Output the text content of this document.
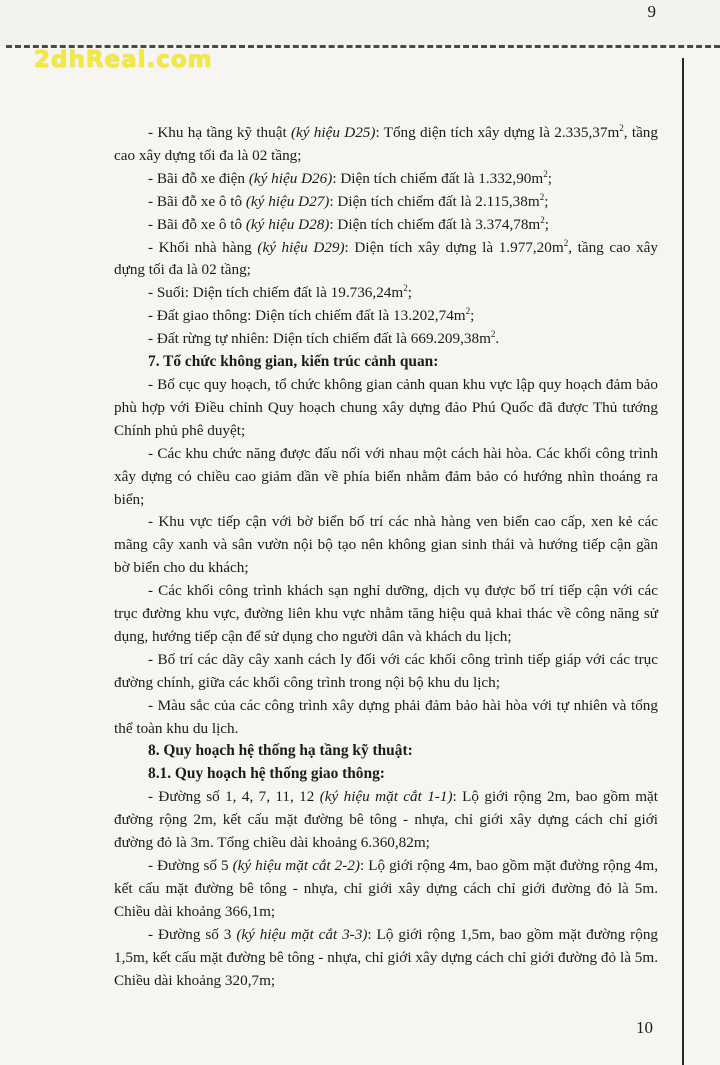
9
2dhReal.com

- Khu hạ tầng kỹ thuật (ký hiệu D25): Tổng diện tích xây dựng là $2.335,37m^2$, tầng cao xây dựng tối đa là 02 tầng;

- Bãi đỗ xe điện (ký hiệu D26): Diện tích chiếm đất là $1.332,90m^2$;

- Bãi đỗ xe ô tô (ký hiệu D27): Diện tích chiếm đất là $2.115,38m^2$;

- Bãi đỗ xe ô tô (ký hiệu D28): Diện tích chiếm đất là $3.374,78m^2$;

- Khối nhà hàng (ký hiệu D29): Diện tích xây dựng là $1.977,20m^2$, tầng cao xây dựng tối đa là 02 tầng;

- Suối: Diện tích chiếm đất là $19.736,24m^2$;

- Đất giao thông: Diện tích chiếm đất là $13.202,74m^2$;

- Đất rừng tự nhiên: Diện tích chiếm đất là $669.209,38m^2$.

7. Tổ chức không gian, kiến trúc cảnh quan:

- Bố cục quy hoạch, tổ chức không gian cảnh quan khu vực lập quy hoạch đảm bảo phù hợp với Điều chỉnh Quy hoạch chung xây dựng đảo Phú Quốc đã được Thủ tướng Chính phủ phê duyệt;

- Các khu chức năng được đấu nối với nhau một cách hài hòa. Các khối công trình xây dựng có chiều cao giảm dần về phía biển nhằm đảm bảo có hướng nhìn thoáng ra biển;

- Khu vực tiếp cận với bờ biển bố trí các nhà hàng ven biển cao cấp, xen kẻ các mãng cây xanh và sân vườn nội bộ tạo nên không gian sinh thái và hướng tiếp cận gần bờ biển cho du khách;

- Các khối công trình khách sạn nghỉ dưỡng, dịch vụ được bố trí tiếp cận với các trục đường khu vực, đường liên khu vực nhằm tăng hiệu quả khai thác về công năng sử dụng, hướng tiếp cận để sử dụng cho người dân và khách du lịch;

- Bố trí các dãy cây xanh cách ly đối với các khối công trình tiếp giáp với các trục đường chính, giữa các khối công trình trong nội bộ khu du lịch;

- Màu sắc của các công trình xây dựng phải đảm bảo hài hòa với tự nhiên và tổng thể toàn khu du lịch.

8. Quy hoạch hệ thống hạ tầng kỹ thuật:
8.1. Quy hoạch hệ thống giao thông:

- Đường số 1, 4, 7, 11, 12 (ký hiệu mặt cắt 1-1): Lộ giới rộng 2m, bao gồm mặt đường rộng 2m, kết cấu mặt đường bê tông - nhựa, chỉ giới xây dựng cách chỉ giới đường đỏ là 3m. Tổng chiều dài khoảng 6.360,82m;

- Đường số 5 (ký hiệu mặt cắt 2-2): Lộ giới rộng 4m, bao gồm mặt đường rộng 4m, kết cấu mặt đường bê tông - nhựa, chỉ giới xây dựng cách chỉ giới đường đỏ là 5m. Chiều dài khoảng 366,1m;

- Đường số 3 (ký hiệu mặt cắt 3-3): Lộ giới rộng 1,5m, bao gồm mặt đường rộng 1,5m, kết cấu mặt đường bê tông - nhựa, chỉ giới xây dựng cách chỉ giới đường đỏ là 5m. Chiều dài khoảng 320,7m;

10
